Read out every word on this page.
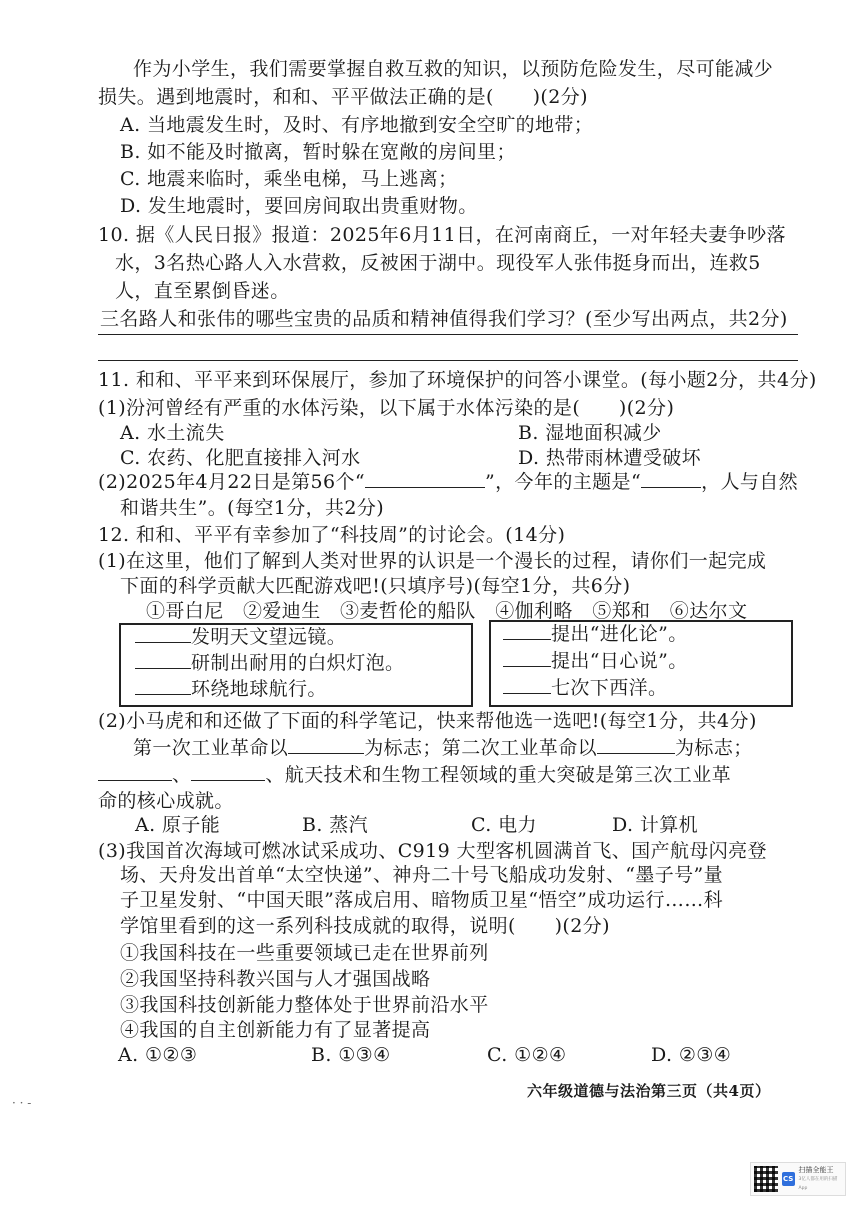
作为小学生，我们需要掌握自救互救的知识，以预防危险发生，尽可能减少
损失。遇到地震时，和和、平平做法正确的是(　　)(2分)
A. 当地震发生时，及时、有序地撤到安全空旷的地带；
B. 如不能及时撤离，暂时躲在宽敞的房间里；
C. 地震来临时，乘坐电梯，马上逃离；
D. 发生地震时，要回房间取出贵重财物。
10. 据《人民日报》报道：2025年6月11日，在河南商丘，一对年轻夫妻争吵落
水，3名热心路人入水营救，反被困于湖中。现役军人张伟挺身而出，连救5
人，直至累倒昏迷。
三名路人和张伟的哪些宝贵的品质和精神值得我们学习？(至少写出两点，共2分)
11. 和和、平平来到环保展厅，参加了环境保护的问答小课堂。(每小题2分，共4分)
(1)汾河曾经有严重的水体污染，以下属于水体污染的是(　　)(2分)
A. 水土流失	B. 湿地面积减少
C. 农药、化肥直接排入河水	D. 热带雨林遭受破坏
(2)2025年4月22日是第56个“	”，今年的主题是“	，人与自然
和谐共生”。(每空1分，共2分)
12. 和和、平平有幸参加了“科技周”的讨论会。(14分)
(1)在这里，他们了解到人类对世界的认识是一个漫长的过程，请你们一起完成
下面的科学贡献大匹配游戏吧!(只填序号)(每空1分，共6分)
①哥白尼　②爱迪生　③麦哲伦的船队　④伽利略　⑤郑和　⑥达尔文
发明天文望远镜。
研制出耐用的白炽灯泡。
环绕地球航行。
提出“进化论”。
提出“日心说”。
七次下西洋。
(2)小马虎和和还做了下面的科学笔记，快来帮他选一选吧!(每空1分，共4分)
第一次工业革命以	为标志；第二次工业革命以	为标志；
、	、航天技术和生物工程领域的重大突破是第三次工业革
命的核心成就。
A. 原子能	B. 蒸汽	C. 电力	D. 计算机
(3)我国首次海域可燃冰试采成功、C919 大型客机圆满首飞、国产航母闪亮登
场、天舟发出首单“太空快递”、神舟二十号飞船成功发射、“墨子号”量
子卫星发射、“中国天眼”落成启用、暗物质卫星“悟空”成功运行……科
学馆里看到的这一系列科技成就的取得，说明(　　)(2分)
①我国科技在一些重要领域已走在世界前列
②我国坚持科教兴国与人才强国战略
③我国科技创新能力整体处于世界前沿水平
④我国的自主创新能力有了显著提高
A. ①②③	B. ①③④	C. ①②④	D. ②③④
六年级道德与法治第三页（共4页）
· · ‑
CS
扫描全能王
3亿人都在用的扫描App
